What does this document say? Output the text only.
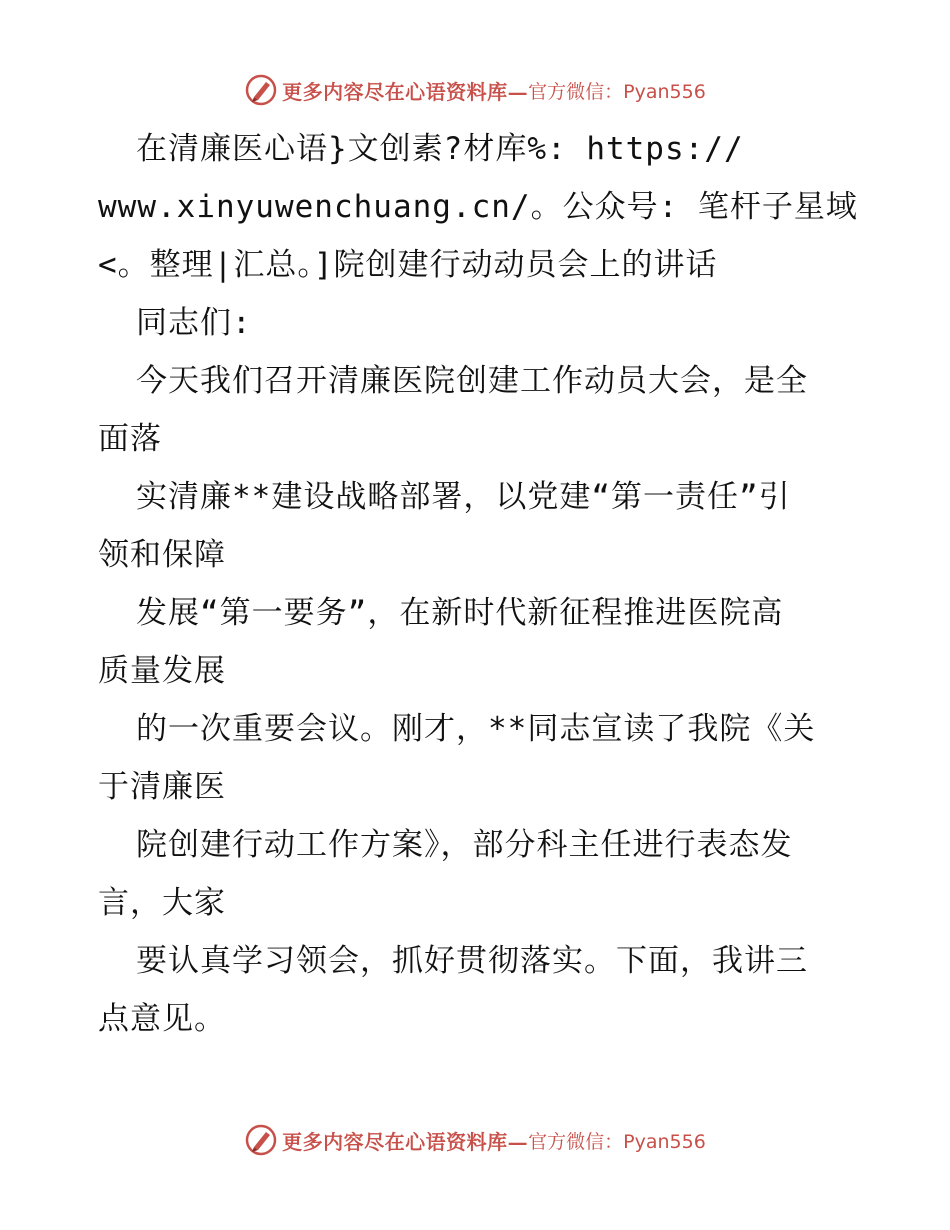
更多内容尽在心语资料库— 官方微信：Pyan556
在清廉医心语}文创素?材库%: https://
www.xinyuwenchuang.cn/。公众号: 笔杆子星域
<。整理|汇总。]院创建行动动员会上的讲话
同志们:
今天我们召开清廉医院创建工作动员大会，是全
面落
实清廉**建设战略部署，以党建“第一责任”引
领和保障
发展“第一要务”，在新时代新征程推进医院高
质量发展
的一次重要会议。刚才，**同志宣读了我院《关
于清廉医
院创建行动工作方案》，部分科主任进行表态发
言，大家
要认真学习领会，抓好贯彻落实。下面，我讲三
点意见。
更多内容尽在心语资料库— 官方微信：Pyan556
